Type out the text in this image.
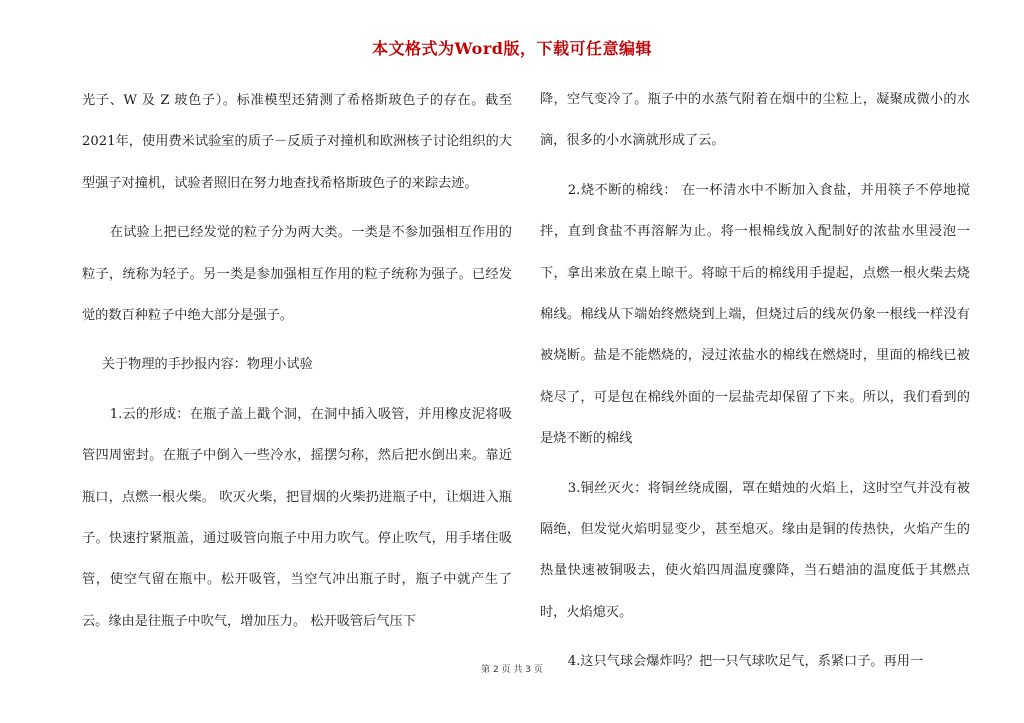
本文格式为Word版，下载可任意编辑

光子、W 及 Z 玻色子）。标准模型还猜测了希格斯玻色子的存在。截至2021年，使用费米试验室的质子－反质子对撞机和欧洲核子讨论组织的大型强子对撞机，试验者照旧在努力地查找希格斯玻色子的来踪去迹。

在试验上把已经发觉的粒子分为两大类。一类是不参加强相互作用的粒子，统称为轻子。另一类是参加强相互作用的粒子统称为强子。已经发觉的数百种粒子中绝大部分是强子。

关于物理的手抄报内容：物理小试验

1.云的形成：在瓶子盖上戳个洞，在洞中插入吸管，并用橡皮泥将吸管四周密封。在瓶子中倒入一些冷水，摇摆匀称，然后把水倒出来。靠近瓶口，点燃一根火柴。 吹灭火柴，把冒烟的火柴扔进瓶子中，让烟进入瓶子。快速拧紧瓶盖，通过吸管向瓶子中用力吹气。停止吹气，用手堵住吸管，使空气留在瓶中。松开吸管，当空气冲出瓶子时，瓶子中就产生了云。缘由是往瓶子中吹气，增加压力。 松开吸管后气压下

降，空气变冷了。瓶子中的水蒸气附着在烟中的尘粒上，凝聚成微小的水滴，很多的小水滴就形成了云。

2.烧不断的棉线： 在一杯清水中不断加入食盐，并用筷子不停地搅拌，直到食盐不再溶解为止。将一根棉线放入配制好的浓盐水里浸泡一下，拿出来放在桌上晾干。将晾干后的棉线用手提起，点燃一根火柴去烧棉线。棉线从下端始终燃烧到上端，但烧过后的线灰仍象一根线一样没有被烧断。盐是不能燃烧的，浸过浓盐水的棉线在燃烧时，里面的棉线已被烧尽了，可是包在棉线外面的一层盐壳却保留了下来。所以，我们看到的是烧不断的棉线

3.铜丝灭火：将铜丝绕成圈，罩在蜡烛的火焰上，这时空气并没有被隔绝，但发觉火焰明显变少，甚至熄灭。缘由是铜的传热快，火焰产生的热量快速被铜吸去，使火焰四周温度骤降，当石蜡油的温度低于其燃点时，火焰熄灭。

4.这只气球会爆炸吗？把一只气球吹足气，系紧口子。再用一

第 2 页 共 3 页
